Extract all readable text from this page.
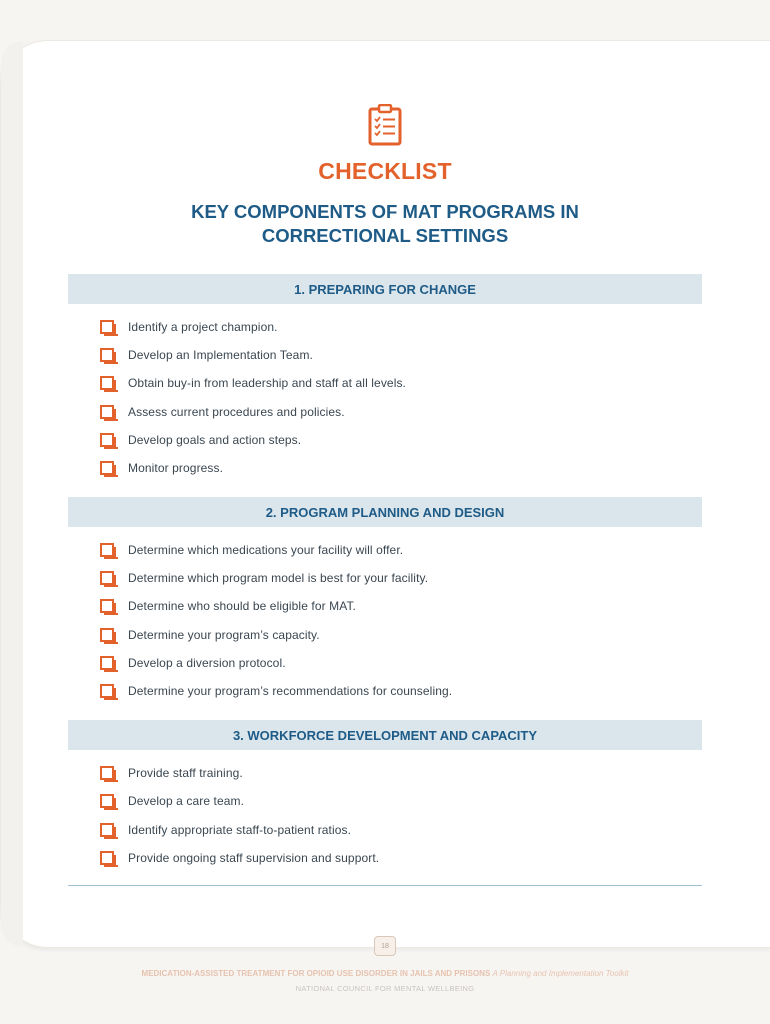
CHECKLIST
KEY COMPONENTS OF MAT PROGRAMS IN CORRECTIONAL SETTINGS
1. PREPARING FOR CHANGE
Identify a project champion.
Develop an Implementation Team.
Obtain buy-in from leadership and staff at all levels.
Assess current procedures and policies.
Develop goals and action steps.
Monitor progress.
2. PROGRAM PLANNING AND DESIGN
Determine which medications your facility will offer.
Determine which program model is best for your facility.
Determine who should be eligible for MAT.
Determine your program’s capacity.
Develop a diversion protocol.
Determine your program’s recommendations for counseling.
3. WORKFORCE DEVELOPMENT AND CAPACITY
Provide staff training.
Develop a care team.
Identify appropriate staff-to-patient ratios.
Provide ongoing staff supervision and support.
18
MEDICATION-ASSISTED TREATMENT FOR OPIOID USE DISORDER IN JAILS AND PRISONS A Planning and Implementation Toolkit
NATIONAL COUNCIL FOR MENTAL WELLBEING
